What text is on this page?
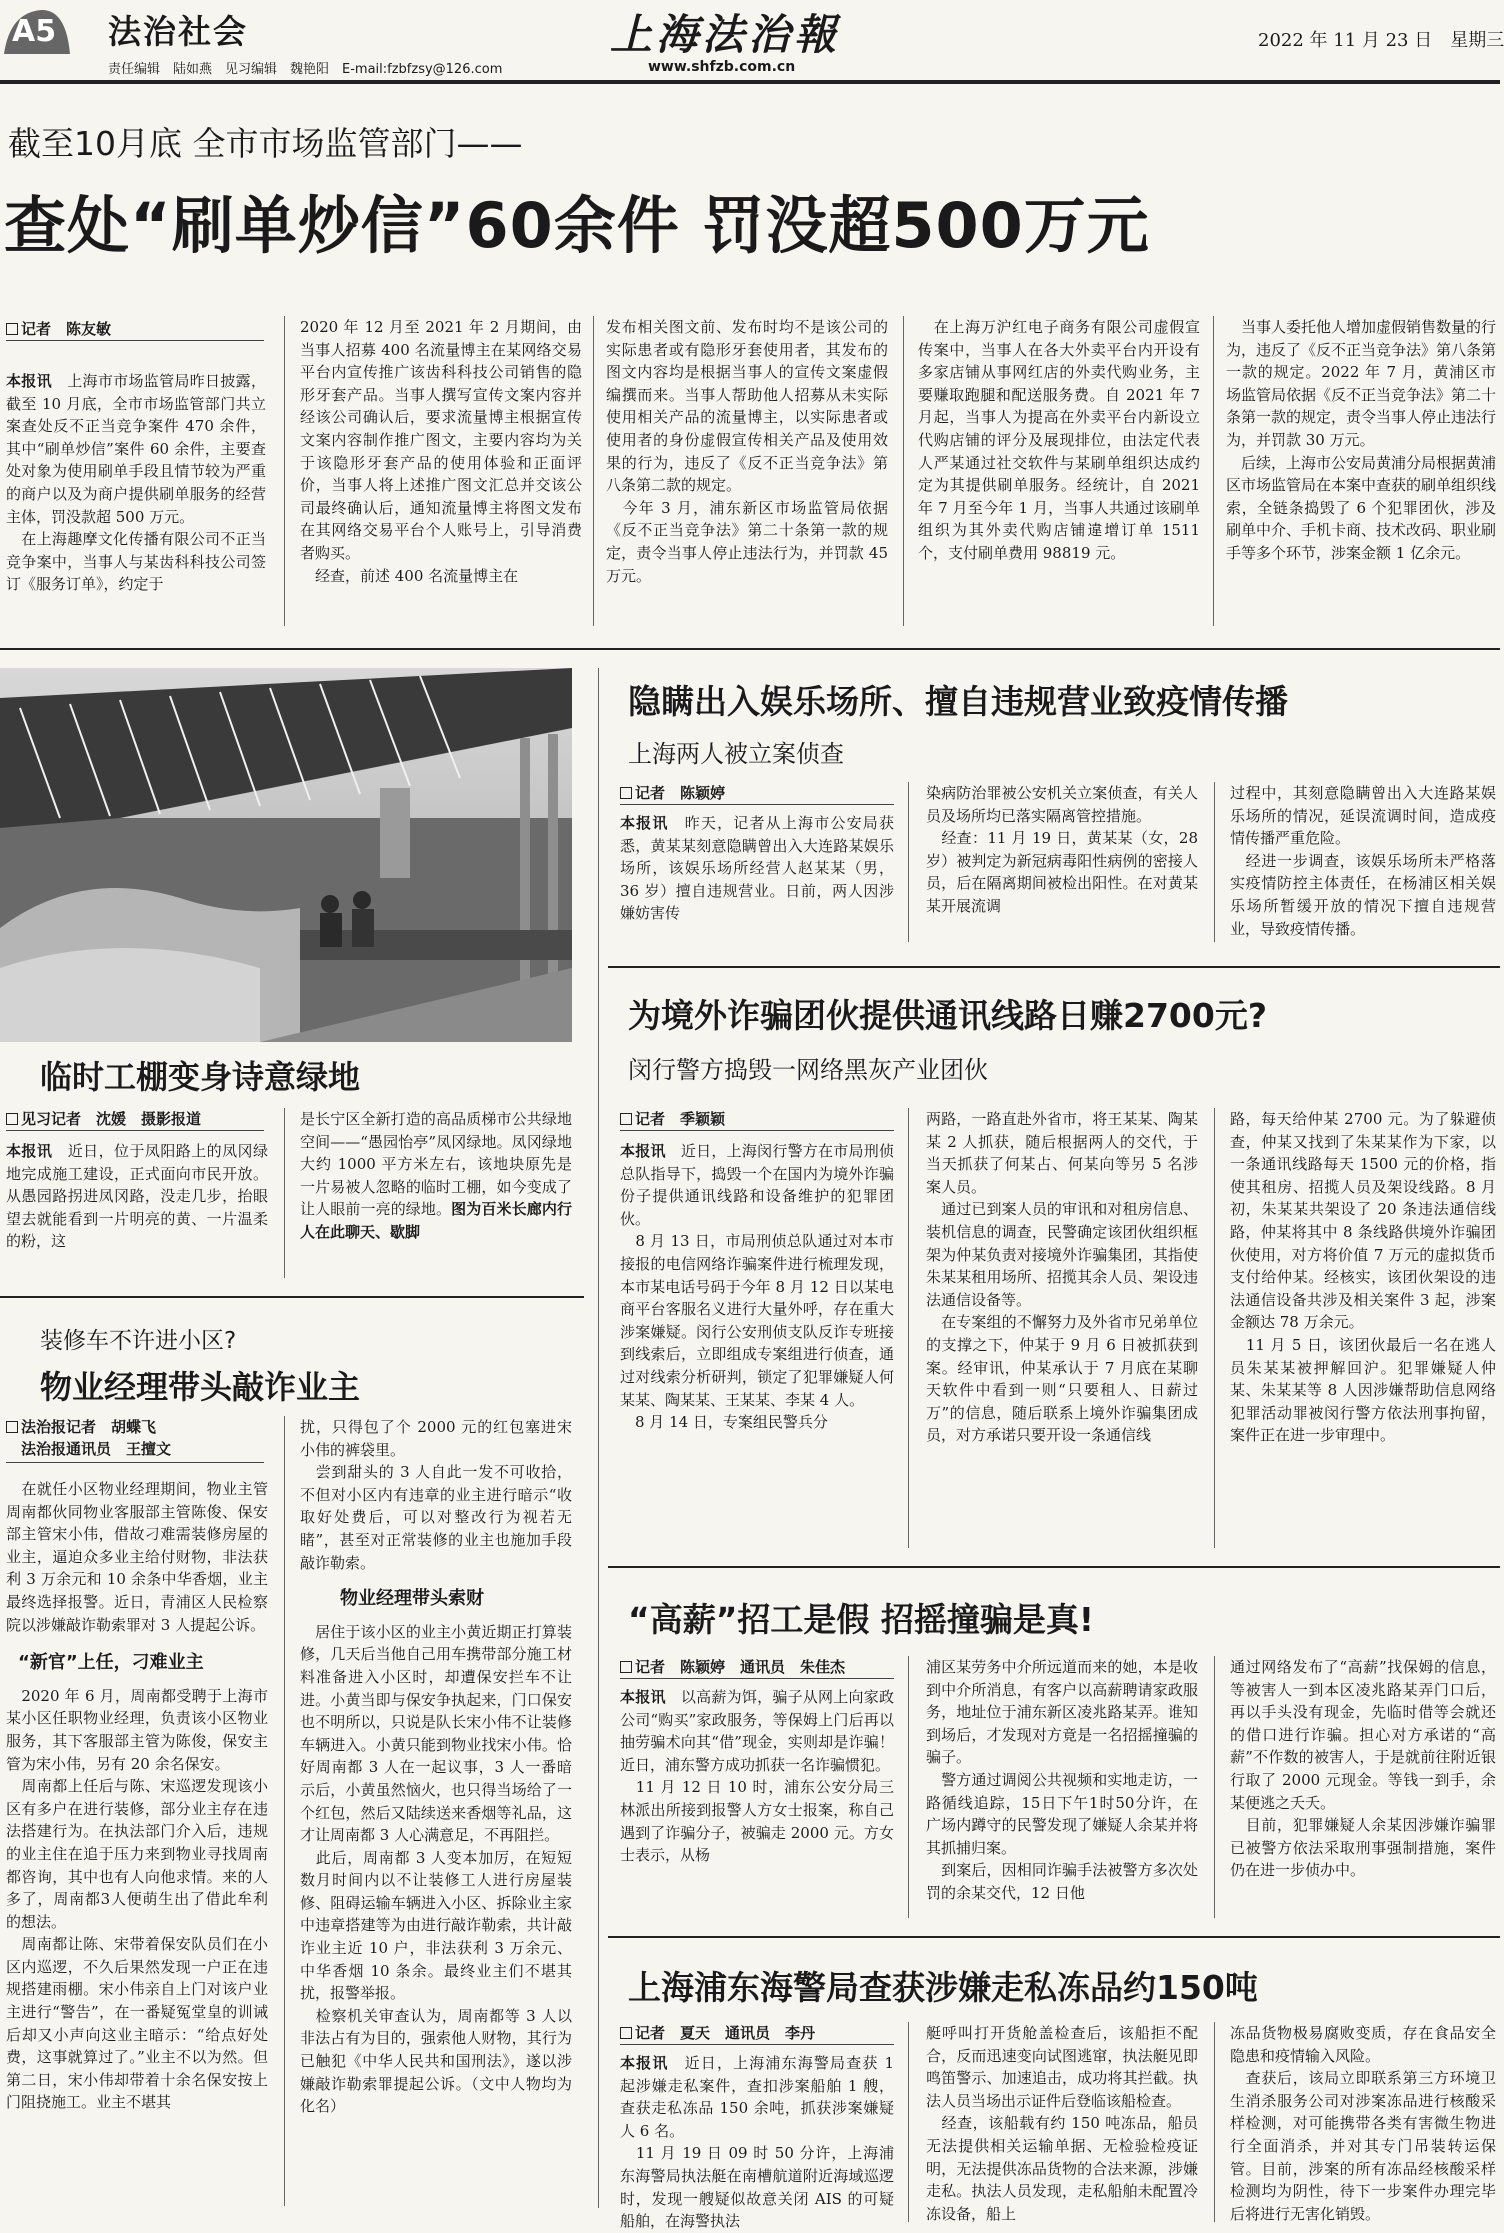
A5 法治社会
责任编辑　陆如燕　见习编辑　魏艳阳　E-mail:fzbfzsy@126.com
上海法治報
www.shfzb.com.cn
2022 年 11 月 23 日　星期三
截至10月底 全市市场监管部门——
查处“刷单炒信”60余件 罚没超500万元
记者　陈友敏
本报讯　上海市市场监管局昨日披露，截至 10 月底，全市市场监管部门共立案查处反不正当竞争案件 470 余件，其中“刷单炒信”案件 60 余件，主要查处对象为使用刷单手段且情节较为严重的商户以及为商户提供刷单服务的经营主体，罚没款超 500 万元。
　在上海趣摩文化传播有限公司不正当竞争案中，当事人与某齿科科技公司签订《服务订单》，约定于
2020 年 12 月至 2021 年 2 月期间，由当事人招募 400 名流量博主在某网络交易平台内宣传推广该齿科科技公司销售的隐形牙套产品。当事人撰写宣传文案内容并经该公司确认后，要求流量博主根据宣传文案内容制作推广图文，主要内容均为关于该隐形牙套产品的使用体验和正面评价，当事人将上述推广图文汇总并交该公司最终确认后，通知流量博主将图文发布在其网络交易平台个人账号上，引导消费者购买。
　经查，前述 400 名流量博主在
发布相关图文前、发布时均不是该公司的实际患者或有隐形牙套使用者，其发布的图文内容均是根据当事人的宣传文案虚假编撰而来。当事人帮助他人招募从未实际使用相关产品的流量博主，以实际患者或使用者的身份虚假宣传相关产品及使用效果的行为，违反了《反不正当竞争法》第八条第二款的规定。
　今年 3 月，浦东新区市场监管局依据《反不正当竞争法》第二十条第一款的规定，责令当事人停止违法行为，并罚款 45 万元。
　在上海万沪红电子商务有限公司虚假宣传案中，当事人在各大外卖平台内开设有多家店铺从事网红店的外卖代购业务，主要赚取跑腿和配送服务费。自 2021 年 7 月起，当事人为提高在外卖平台内新设立代购店铺的评分及展现排位，由法定代表人严某通过社交软件与某刷单组织达成约定为其提供刷单服务。经统计，自 2021 年 7 月至今年 1 月，当事人共通过该刷单组织为其外卖代购店铺違增订单 1511 个，支付刷单费用 98819 元。
　当事人委托他人增加虚假销售数量的行为，违反了《反不正当竞争法》第八条第一款的规定。2022 年 7 月，黄浦区市场监管局依据《反不正当竞争法》第二十条第一款的规定，责令当事人停止违法行为，并罚款 30 万元。
　后续，上海市公安局黄浦分局根据黄浦区市场监管局在本案中查获的刷单组织线索，全链条捣毁了 6 个犯罪团伙，涉及刷单中介、手机卡商、技术改码、职业刷手等多个环节，涉案金额 1 亿余元。
临时工棚变身诗意绿地
见习记者　沈媛　摄影报道
本报讯　近日，位于凤阳路上的凤冈绿地完成施工建设，正式面向市民开放。从愚园路拐进凤冈路，没走几步，抬眼望去就能看到一片明亮的黄、一片温柔的粉，这
是长宁区全新打造的高品质梯市公共绿地空间——“愚园怡亭”凤冈绿地。凤冈绿地大约 1000 平方米左右，该地块原先是一片易被人忽略的临时工棚，如今变成了让人眼前一亮的绿地。图为百米长廊内行人在此聊天、歇脚
隐瞒出入娱乐场所、擅自违规营业致疫情传播
上海两人被立案侦查
记者　陈颖婷
本报讯　昨天，记者从上海市公安局获悉，黄某某刻意隐瞒曾出入大连路某娱乐场所，该娱乐场所经营人赵某某（男，36 岁）擅自违规营业。日前，两人因涉嫌妨害传
染病防治罪被公安机关立案侦查，有关人员及场所均已落实隔离管控措施。
　经查：11 月 19 日，黄某某（女，28 岁）被判定为新冠病毒阳性病例的密接人员，后在隔离期间被检出阳性。在对黄某某开展流调
过程中，其刻意隐瞒曾出入大连路某娱乐场所的情况，延误流调时间，造成疫情传播严重危险。
　经进一步调查，该娱乐场所未严格落实疫情防控主体责任，在杨浦区相关娱乐场所暂缓开放的情况下擅自违规营业，导致疫情传播。
为境外诈骗团伙提供通讯线路日赚2700元?
闵行警方捣毁一网络黑灰产业团伙
记者　季颖颖
本报讯　近日，上海闵行警方在市局刑侦总队指导下，捣毁一个在国内为境外诈骗份子提供通讯线路和设备维护的犯罪团伙。
　8 月 13 日，市局刑侦总队通过对本市接报的电信网络诈骗案件进行梳理发现，本市某电话号码于今年 8 月 12 日以某电商平台客服名义进行大量外呼，存在重大涉案嫌疑。闵行公安刑侦支队反诈专班接到线索后，立即组成专案组进行侦查，通过对线索分析研判，锁定了犯罪嫌疑人何某某、陶某某、王某某、李某 4 人。
　8 月 14 日，专案组民警兵分
两路，一路直赴外省市，将王某某、陶某某 2 人抓获，随后根据两人的交代，于当天抓获了何某占、何某向等另 5 名涉案人员。
　通过已到案人员的审讯和对租房信息、装机信息的调查，民警确定该团伙组织框架为仲某负责对接境外诈骗集团，其指使朱某某租用场所、招揽其余人员、架设违法通信设备等。
　在专案组的不懈努力及外省市兄弟单位的支撑之下，仲某于 9 月 6 日被抓获到案。经审讯，仲某承认于 7 月底在某聊天软件中看到一则“只要租人、日薪过万”的信息，随后联系上境外诈骗集团成员，对方承诺只要开设一条通信线
路，每天给仲某 2700 元。为了躲避侦查，仲某又找到了朱某某作为下家，以一条通讯线路每天 1500 元的价格，指使其租房、招揽人员及架设线路。8 月初，朱某某共架设了 20 条违法通信线路，仲某将其中 8 条线路供境外诈骗团伙使用，对方将价值 7 万元的虚拟货币支付给仲某。经核实，该团伙架设的违法通信设备共涉及相关案件 3 起，涉案金额达 78 万余元。
　11 月 5 日，该团伙最后一名在逃人员朱某某被押解回沪。犯罪嫌疑人仲某、朱某某等 8 人因涉嫌帮助信息网络犯罪活动罪被闵行警方依法刑事拘留，案件正在进一步审理中。
装修车不许进小区?
物业经理带头敲诈业主
法治报记者　胡蝶飞
法治报通讯员　王擅文
　在就任小区物业经理期间，物业主管周南都伙同物业客服部主管陈俊、保安部主管宋小伟，借故刁难需装修房屋的业主，逼迫众多业主给付财物，非法获利 3 万余元和 10 余条中华香烟，业主最终选择报警。近日，青浦区人民检察院以涉嫌敲诈勒索罪对 3 人提起公诉。

“新官”上任，刁难业主
　2020 年 6 月，周南都受聘于上海市某小区任职物业经理，负责该小区物业服务，其下客服部主管为陈俊，保安主管为宋小伟，另有 20 余名保安。
　周南都上任后与陈、宋巡逻发现该小区有多户在进行装修，部分业主存在违法搭建行为。在执法部门介入后，违规的业主住在追于压力来到物业寻找周南都咨询，其中也有人向他求情。来的人多了，周南都3人便萌生出了借此牟利的想法。
　周南都让陈、宋带着保安队员们在小区内巡逻，不久后果然发现一户正在违规搭建雨棚。宋小伟亲自上门对该户业主进行“警告”，在一番疑冤堂皇的训诫后却又小声向这业主暗示：“给点好处费，这事就算过了。”业主不以为然。但第二日，宋小伟却带着十余名保安按上门阻挠施工。业主不堪其
扰，只得包了个 2000 元的红包塞进宋小伟的裤袋里。
　尝到甜头的 3 人自此一发不可收拾，不但对小区内有违章的业主进行暗示“收取好处费后，可以对整改行为视若无睹”，甚至对正常装修的业主也施加手段敲诈勒索。

物业经理带头索财
　居住于该小区的业主小黄近期正打算装修，几天后当他自己用车携带部分施工材料准备进入小区时，却遭保安拦车不让进。小黄当即与保安争执起来，门口保安也不明所以，只说是队长宋小伟不让装修车辆进入。小黄只能到物业找宋小伟。恰好周南都 3 人在一起议事，3 人一番暗示后，小黄虽然恼火，也只得当场给了一个红包，然后又陆续送来香烟等礼品，这才让周南都 3 人心满意足，不再阻拦。
　此后，周南都 3 人变本加厉，在短短数月时间内以不让装修工人进行房屋装修、阻碍运输车辆进入小区、拆除业主家中违章搭建等为由进行敲诈勒索，共计敲诈业主近 10 户，非法获利 3 万余元、中华香烟 10 条余。最终业主们不堪其扰，报警举报。
　检察机关审查认为，周南都等 3 人以非法占有为目的，强索他人财物，其行为已触犯《中华人民共和国刑法》，遂以涉嫌敲诈勒索罪提起公诉。（文中人物均为化名）
“高薪”招工是假 招摇撞骗是真!
记者　陈颖婷　通讯员　朱佳杰
本报讯　以高薪为饵，骗子从网上向家政公司“购买”家政服务，等保姆上门后再以抽劳骗术向其“借”现金，实则却是诈骗！近日，浦东警方成功抓获一名诈骗惯犯。
　11 月 12 日 10 时，浦东公安分局三林派出所接到报警人方女士报案，称自己遇到了诈骗分子，被骗走 2000 元。方女士表示，从杨
浦区某劳务中介所远道而来的她，本是收到中介所消息，有客户以高薪聘请家政服务，地址位于浦东新区凌兆路某弄。谁知到场后，才发现对方竟是一名招摇撞骗的骗子。
　警方通过调阅公共视频和实地走访，一路循线追踪，15日下午1时50分许，在广场内蹲守的民警发现了嫌疑人余某并将其抓捕归案。
　到案后，因相同诈骗手法被警方多次处罚的余某交代，12 日他
通过网络发布了“高薪”找保姆的信息，等被害人一到本区凌兆路某弄门口后，再以手头没有现金，先临时借等会就还的借口进行诈骗。担心对方承诺的“高薪”不作数的被害人，于是就前往附近银行取了 2000 元现金。等钱一到手，余某便逃之夭夭。
　目前，犯罪嫌疑人余某因涉嫌诈骗罪已被警方依法采取刑事强制措施，案件仍在进一步侦办中。
上海浦东海警局查获涉嫌走私冻品约150吨
记者　夏天　通讯员　李丹
本报讯　近日，上海浦东海警局查获 1 起涉嫌走私案件，查扣涉案船舶 1 艘，查获走私冻品 150 余吨，抓获涉案嫌疑人 6 名。
　11 月 19 日 09 时 50 分许，上海浦东海警局执法艇在南槽航道附近海域巡逻时，发现一艘疑似故意关闭 AIS 的可疑船舶，在海警执法
艇呼叫打开货舱盖检查后，该船拒不配合，反而迅速变向试图逃窜，执法艇见即鸣笛警示、加速追击，成功将其拦截。执法人员当场出示证件后登临该船检查。
　经查，该船载有约 150 吨冻品，船员无法提供相关运输单据、无检验检疫证明，无法提供冻品货物的合法来源，涉嫌走私。执法人员发现，走私船舶未配置冷冻设备，船上
冻品货物极易腐败变质，存在食品安全隐患和疫情输入风险。
　查获后，该局立即联系第三方环境卫生消杀服务公司对涉案冻品进行核酸采样检测，对可能携带各类有害微生物进行全面消杀，并对其专门吊装转运保管。目前，涉案的所有冻品经核酸采样检测均为阴性，待下一步案件办理完毕后将进行无害化销毁。
